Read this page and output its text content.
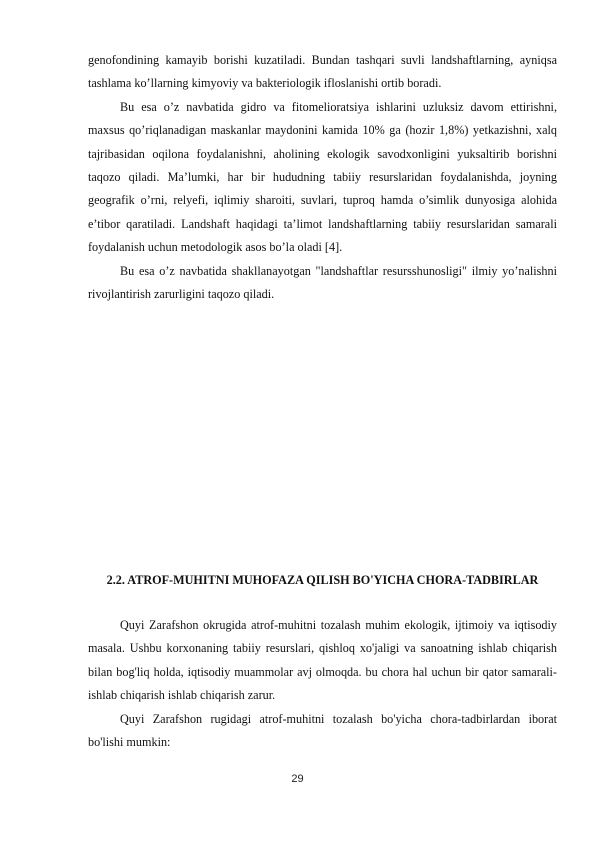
genofondining kamayib borishi kuzatiladi. Bundan tashqari suvli landshaftlarning, ayniqsa tashlama ko’llarning kimyoviy va bakteriologik ifloslanishi ortib boradi.

Bu esa o’z navbatida gidro va fitomelioratsiya ishlarini uzluksiz davom ettirishni, maxsus qo’riqlanadigan maskanlar maydonini kamida 10% ga (hozir 1,8%) yetkazishni, xalq tajribasidan oqilona foydalanishni, aholining ekologik savodxonligini yuksaltirib borishni taqozo qiladi. Ma’lumki, har bir hududning tabiiy resurslaridan foydalanishda, joyning geografik o’rni, relyefi, iqlimiy sharoiti, suvlari, tuproq hamda o’simlik dunyosiga alohida e’tibor qaratiladi. Landshaft haqidagi ta’limot landshaftlarning tabiiy resurslaridan samarali foydalanish uchun metodologik asos bo’la oladi [4].

Bu esa o’z navbatida shakllanayotgan "landshaftlar resursshunosligi" ilmiy yo’nalishni rivojlantirish zarurligini taqozo qiladi.

2.2. ATROF-MUHITNI MUHOFAZA QILISH BO'YICHA CHORA-TADBIRLAR

Quyi Zarafshon okrugida atrof-muhitni tozalash muhim ekologik, ijtimoiy va iqtisodiy masala. Ushbu korxonaning tabiiy resurslari, qishloq xo'jaligi va sanoatning ishlab chiqarish bilan bog'liq holda, iqtisodiy muammolar avj olmoqda. bu chora hal uchun bir qator samarali- ishlab chiqarish ishlab chiqarish zarur.

Quyi Zarafshon rugidagi atrof-muhitni tozalash bo'yicha chora-tadbirlardan iborat bo'lishi mumkin:

29
